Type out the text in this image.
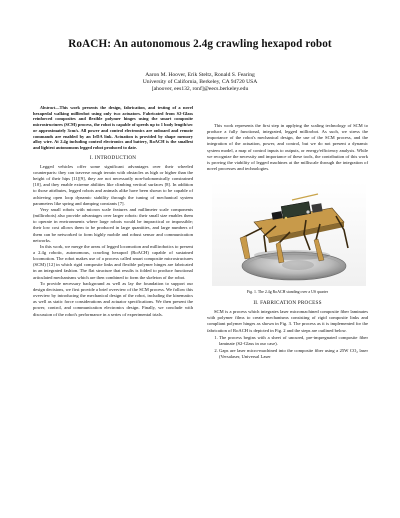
RoACH: An autonomous 2.4g crawling hexapod robot
Aaron M. Hoover, Erik Steltz, Ronald S. Fearing
University of California, Berkeley, CA 94720 USA
[ahoover, ees132, ronf]@eecs.berkeley.edu

Abstract—This work presents the design, fabrication, and testing of a novel hexapedal walking millirobot using only two actuators. Fabricated from S2-Glass reinforced composites and flexible polymer hinges using the smart composite microstructures (SCM) process, the robot is capable of speeds up to 1 body length/sec or approximately 3cm/s. All power and control electronics are onboard and remote commands are enabled by an IrDA link. Actuation is provided by shape memory alloy wire. At 2.4g including control electronics and battery, RoACH is the smallest and lightest autonomous legged robot produced to date.

I. INTRODUCTION

Legged vehicles offer some significant advantages over their wheeled counterparts: they can traverse rough terrain with obstacles as high or higher than the height of their hips [11][9], they are not necessarily non-holonomically constrained [10], and they enable extreme abilities like climbing vertical surfaces [8]. In addition to those attributes, legged robots and animals alike have been shown to be capable of achieving open loop dynamic stability through the tuning of mechanical system parameters like spring and damping constants [7].

Very small robots with micron scale features and millimeter scale components (millirobots) also provide advantages over larger robots: their small size enables them to operate in environments where large robots would be impractical or impossible; their low cost allows them to be produced in large quantities, and large numbers of them can be networked to form highly mobile and robust sensor and communication networks.

In this work, we merge the areas of legged locomotion and millirobotics to present a 2.4g robotic, autonomous, crawling hexapod (RoACH) capable of sustained locomotion. The robot makes use of a process called smart composite microstructures (SCM) [12] in which rigid composite links and flexible polymer hinges are fabricated in an integrated fashion. The flat structure that results is folded to produce functional articulated mechanisms which are then combined to form the skeleton of the robot.

To provide necessary background as well as lay the foundation to support our design decisions, we first provide a brief overview of the SCM process. We follow this overview by introducing the mechanical design of the robot, including the kinematics as well as static force considerations and actuator specifications. We then present the power, control, and communication electronics design. Finally, we conclude with discussion of the robot's performance in a series of experimental trials.

This work represents the first step in applying the scaling technology of SCM to produce a fully functional, integrated, legged millirobot. As such, we stress the importance of the robot's mechanical design, the use of the SCM process, and the integration of the actuation, power, and control, but we do not present a dynamic system model, a map of control inputs to outputs, or energy/efficiency analysis. While we recognize the necessity and importance of these tools, the contribution of this work is proving the viability of legged machines at the milliscale through the integration of novel processes and technologies.

Fig. 1. The 2.4g RoACH standing over a US quarter
II. FABRICATION PROCESS

SCM is a process which integrates laser micromachined composite fiber laminates with polymer films to create mechanisms consisting of rigid composite links and compliant polymer hinges as shown in Fig. 3. The process as it is implemented for the fabrication of RoACH is depicted in Fig. 2 and the steps are outlined below.

1. The process begins with a sheet of uncured, pre-impregnated composite fiber laminate (S2-Glass in our case).
2. Gaps are laser micro-machined into the composite fiber using a 25W CO₂ laser (Versalaser, Universal Laser
